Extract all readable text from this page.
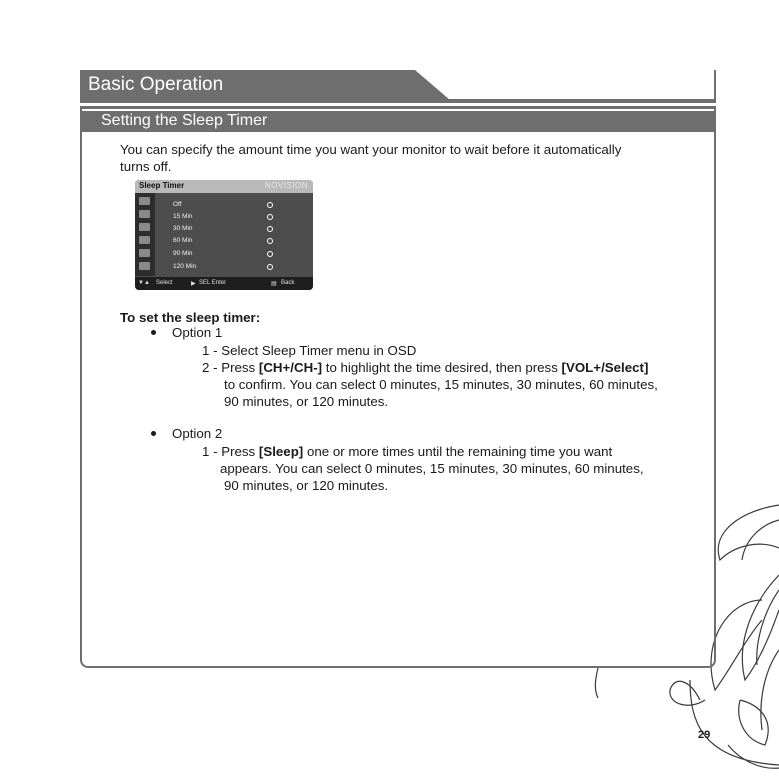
Basic Operation
Setting the Sleep Timer
You can specify the amount time you want your monitor to wait before it automatically turns off.
Sleep Timer	NOVISION
Off
15 Min
30 Min
60 Min
90 Min
120 Min
▼▲ Select	▶ SEL Enter	▤ Back
To set the sleep timer:
Option 1
1 - Select Sleep Timer menu in OSD
2 - Press [CH+/CH-] to highlight the time desired, then press [VOL+/Select]
to confirm. You can select 0 minutes, 15 minutes, 30 minutes, 60 minutes,
90 minutes, or 120 minutes.
Option 2
1 - Press [Sleep] one or more times until the remaining time you want
appears. You can select 0 minutes, 15 minutes, 30 minutes, 60 minutes,
90 minutes, or 120 minutes.
29
